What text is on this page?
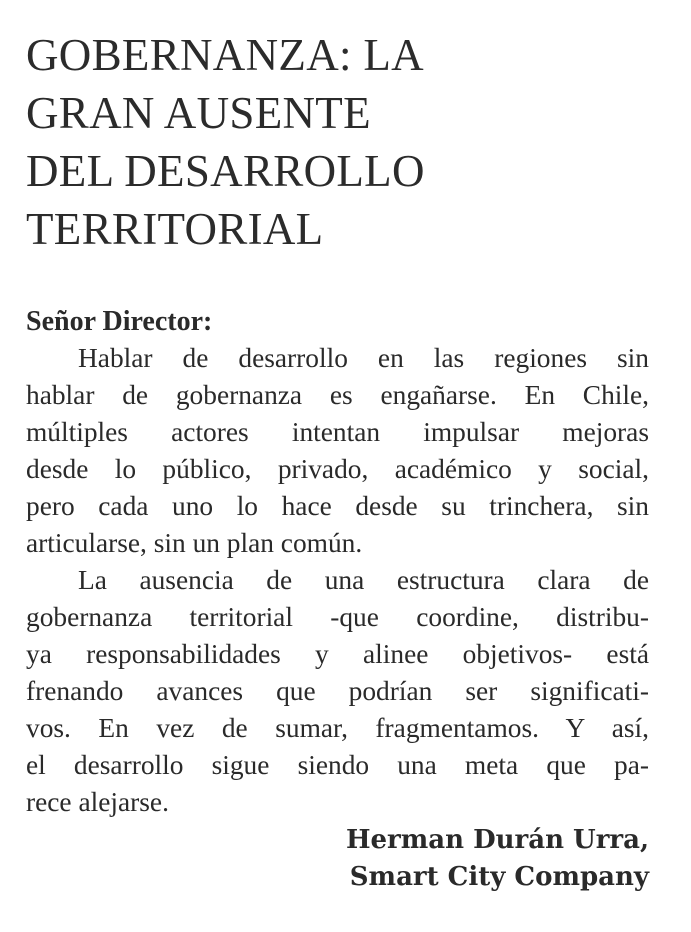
GOBERNANZA: LA
GRAN AUSENTE
DEL DESARROLLO
TERRITORIAL
Señor Director:
Hablar de desarrollo en las regiones sin
hablar de gobernanza es engañarse. En Chile,
múltiples actores intentan impulsar mejoras
desde lo público, privado, académico y social,
pero cada uno lo hace desde su trinchera, sin
articularse, sin un plan común.
La ausencia de una estructura clara de
gobernanza territorial -que coordine, distribu-
ya responsabilidades y alinee objetivos- está
frenando avances que podrían ser significati-
vos. En vez de sumar, fragmentamos. Y así,
el desarrollo sigue siendo una meta que pa-
rece alejarse.
Herman Durán Urra,
Smart City Company
